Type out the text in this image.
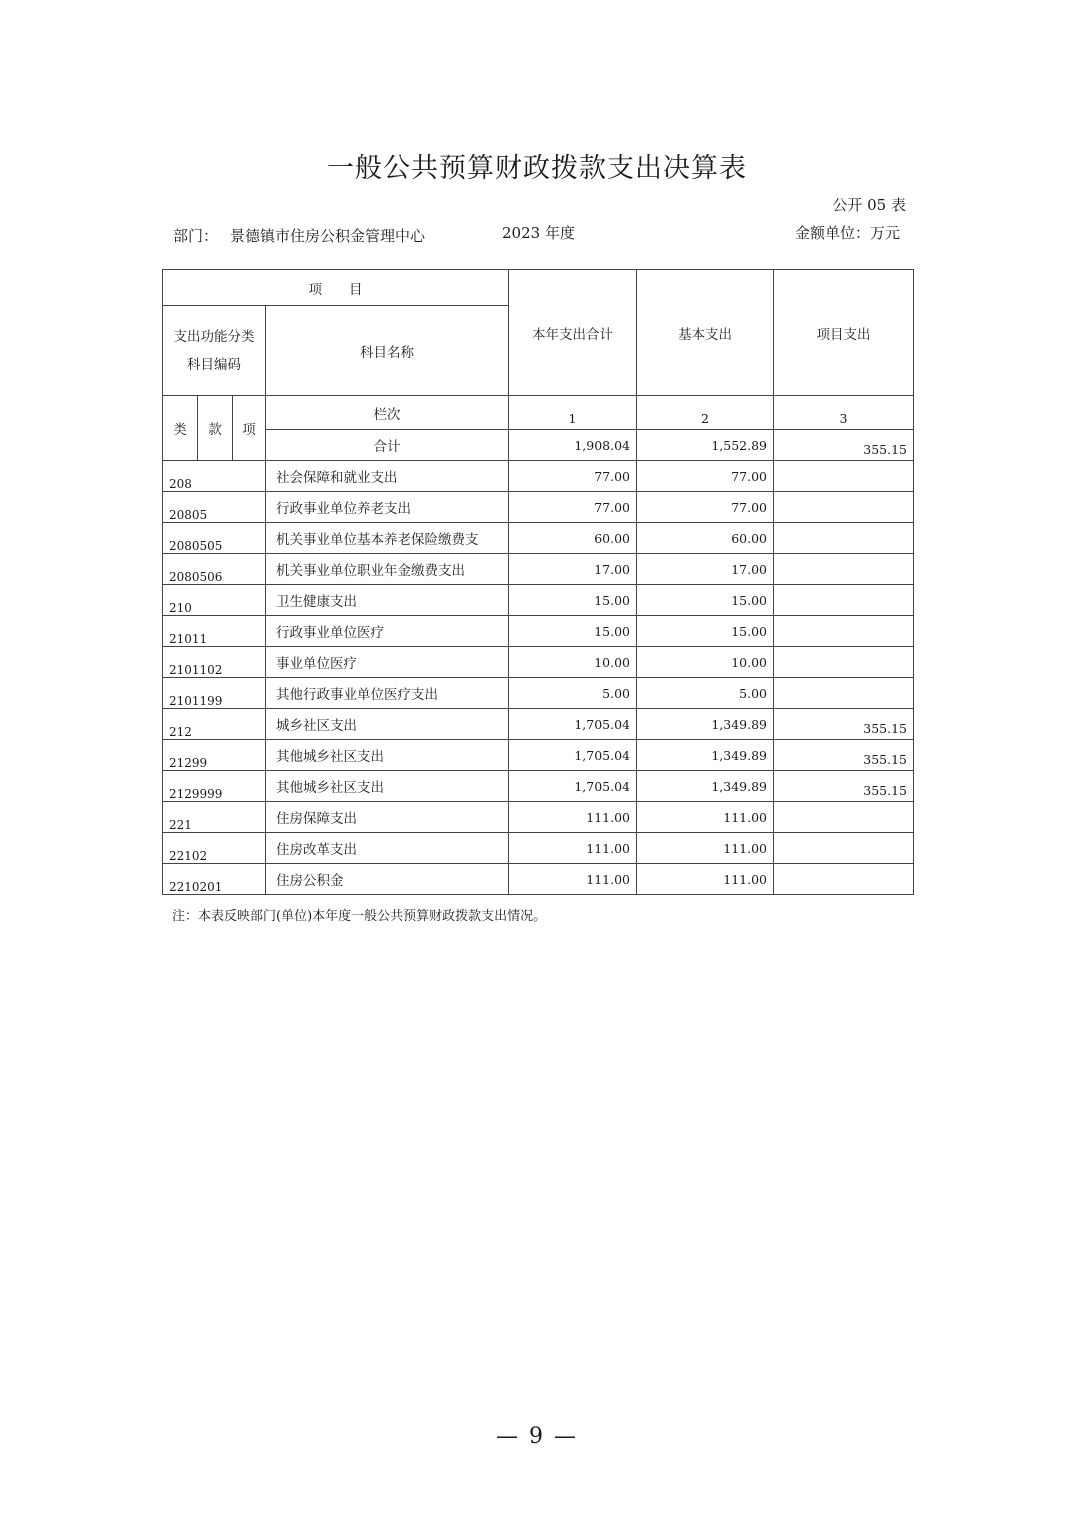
一般公共预算财政拨款支出决算表
公开 05 表
部门： 景德镇市住房公积金管理中心	2023 年度	金额单位：万元
项　　目				本年支出合计	基本支出	项目支出
支出功能分类科目编码			科目名称			
类	款	项	栏次	1	2	3
			合计	1,908.04	1,552.89	355.15
208			社会保障和就业支出	77.00	77.00	
20805			行政事业单位养老支出	77.00	77.00	
2080505			机关事业单位基本养老保险缴费支	60.00	60.00	
2080506			机关事业单位职业年金缴费支出	17.00	17.00	
210			卫生健康支出	15.00	15.00	
21011			行政事业单位医疗	15.00	15.00	
2101102			事业单位医疗	10.00	10.00	
2101199			其他行政事业单位医疗支出	5.00	5.00	
212			城乡社区支出	1,705.04	1,349.89	355.15
21299			其他城乡社区支出	1,705.04	1,349.89	355.15
2129999			其他城乡社区支出	1,705.04	1,349.89	355.15
221			住房保障支出	111.00	111.00	
22102			住房改革支出	111.00	111.00	
2210201			住房公积金	111.00	111.00	
注：本表反映部门(单位)本年度一般公共预算财政拨款支出情况。
— 9 —
